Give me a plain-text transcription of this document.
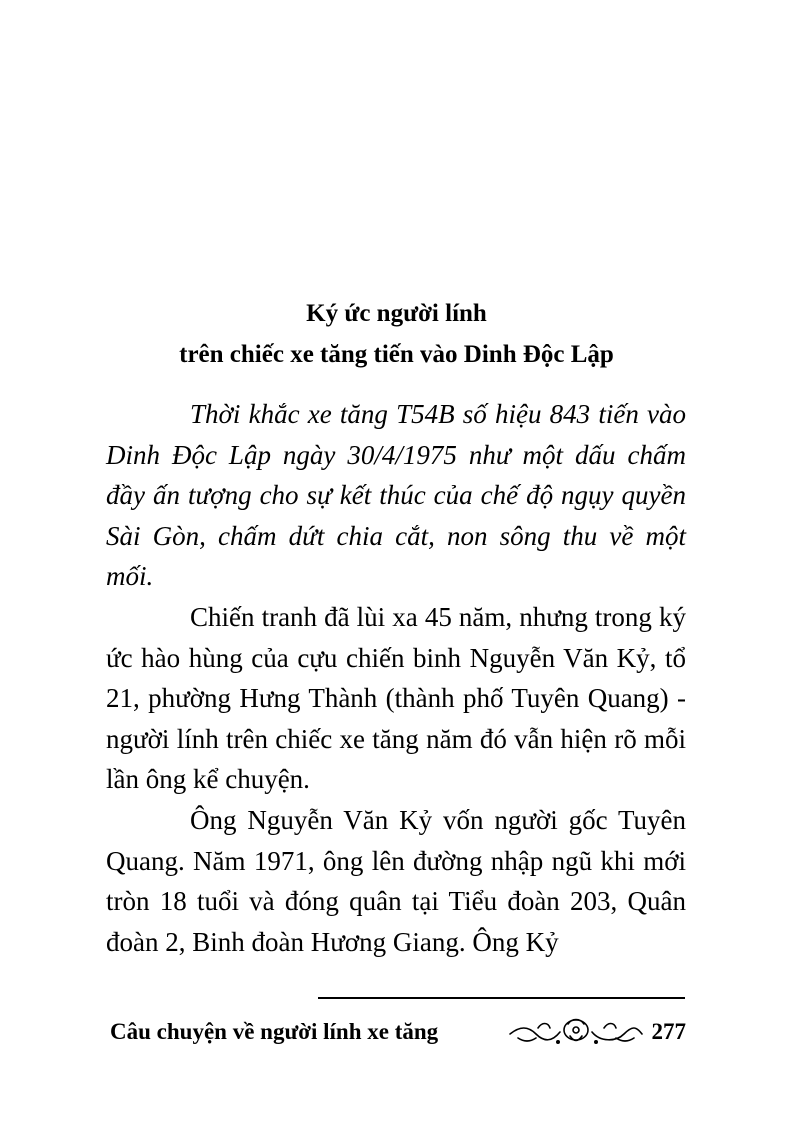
Ký ức người lính
trên chiếc xe tăng tiến vào Dinh Độc Lập

Thời khắc xe tăng T54B số hiệu 843 tiến vào Dinh Độc Lập ngày 30/4/1975 như một dấu chấm đầy ấn tượng cho sự kết thúc của chế độ ngụy quyền Sài Gòn, chấm dứt chia cắt, non sông thu về một mối.

Chiến tranh đã lùi xa 45 năm, nhưng trong ký ức hào hùng của cựu chiến binh Nguyễn Văn Kỷ, tổ 21, phường Hưng Thành (thành phố Tuyên Quang) - người lính trên chiếc xe tăng năm đó vẫn hiện rõ mỗi lần ông kể chuyện.

Ông Nguyễn Văn Kỷ vốn người gốc Tuyên Quang. Năm 1971, ông lên đường nhập ngũ khi mới tròn 18 tuổi và đóng quân tại Tiểu đoàn 203, Quân đoàn 2, Binh đoàn Hương Giang. Ông Kỷ

Câu chuyện về người lính xe tăng	277
